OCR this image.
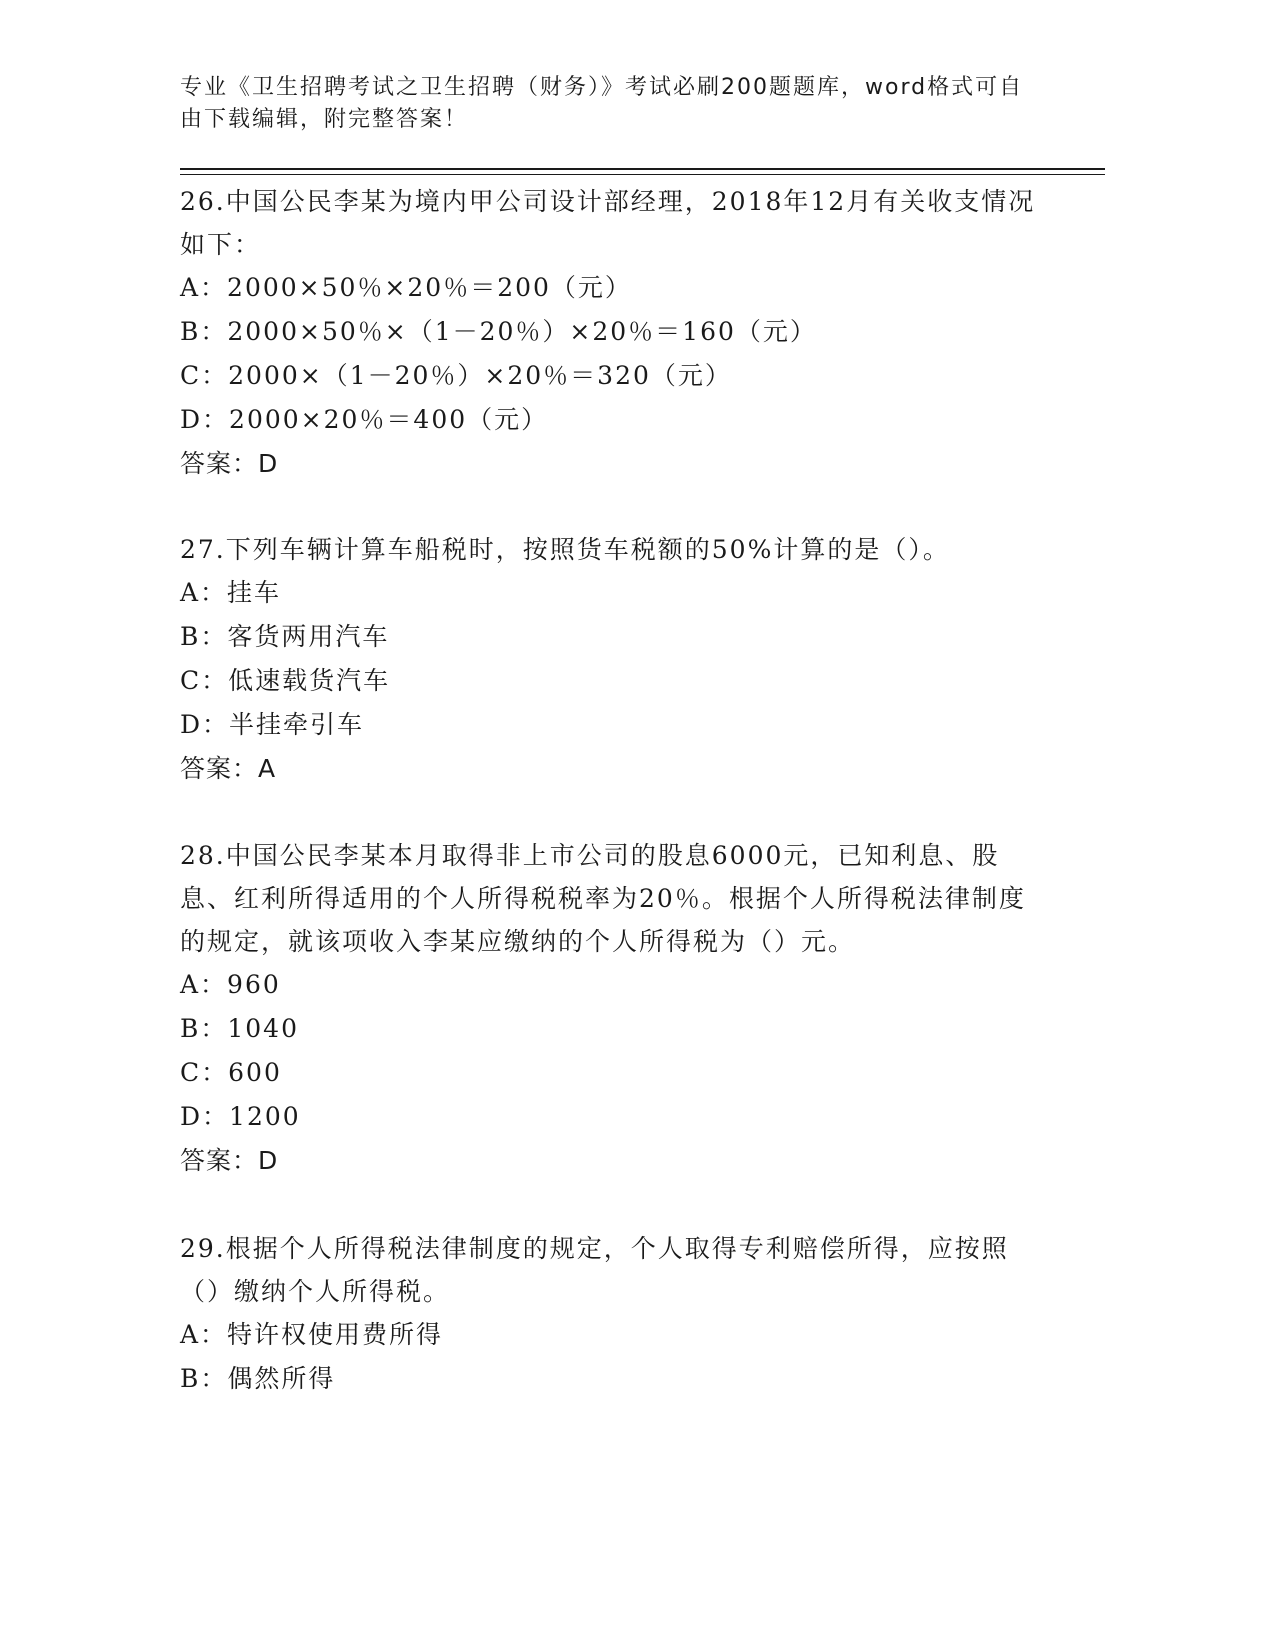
专业《卫生招聘考试之卫生招聘（财务）》考试必刷200题题库，word格式可自由下载编辑，附完整答案！

26.中国公民李某为境内甲公司设计部经理，2018年12月有关收支情况如下：

A：2000×50％×20％＝200（元）
B：2000×50％×（1－20％）×20％＝160（元）
C：2000×（1－20％）×20％＝320（元）
D：2000×20％＝400（元）
答案：D

27.下列车辆计算车船税时，按照货车税额的50%计算的是（）。

A：挂车
B：客货两用汽车
C：低速载货汽车
D：半挂牵引车
答案：A

28.中国公民李某本月取得非上市公司的股息6000元，已知利息、股息、红利所得适用的个人所得税税率为20％。根据个人所得税法律制度的规定，就该项收入李某应缴纳的个人所得税为（）元。

A：960
B：1040
C：600
D：1200
答案：D

29.根据个人所得税法律制度的规定，个人取得专利赔偿所得，应按照（）缴纳个人所得税。

A：特许权使用费所得
B：偶然所得
